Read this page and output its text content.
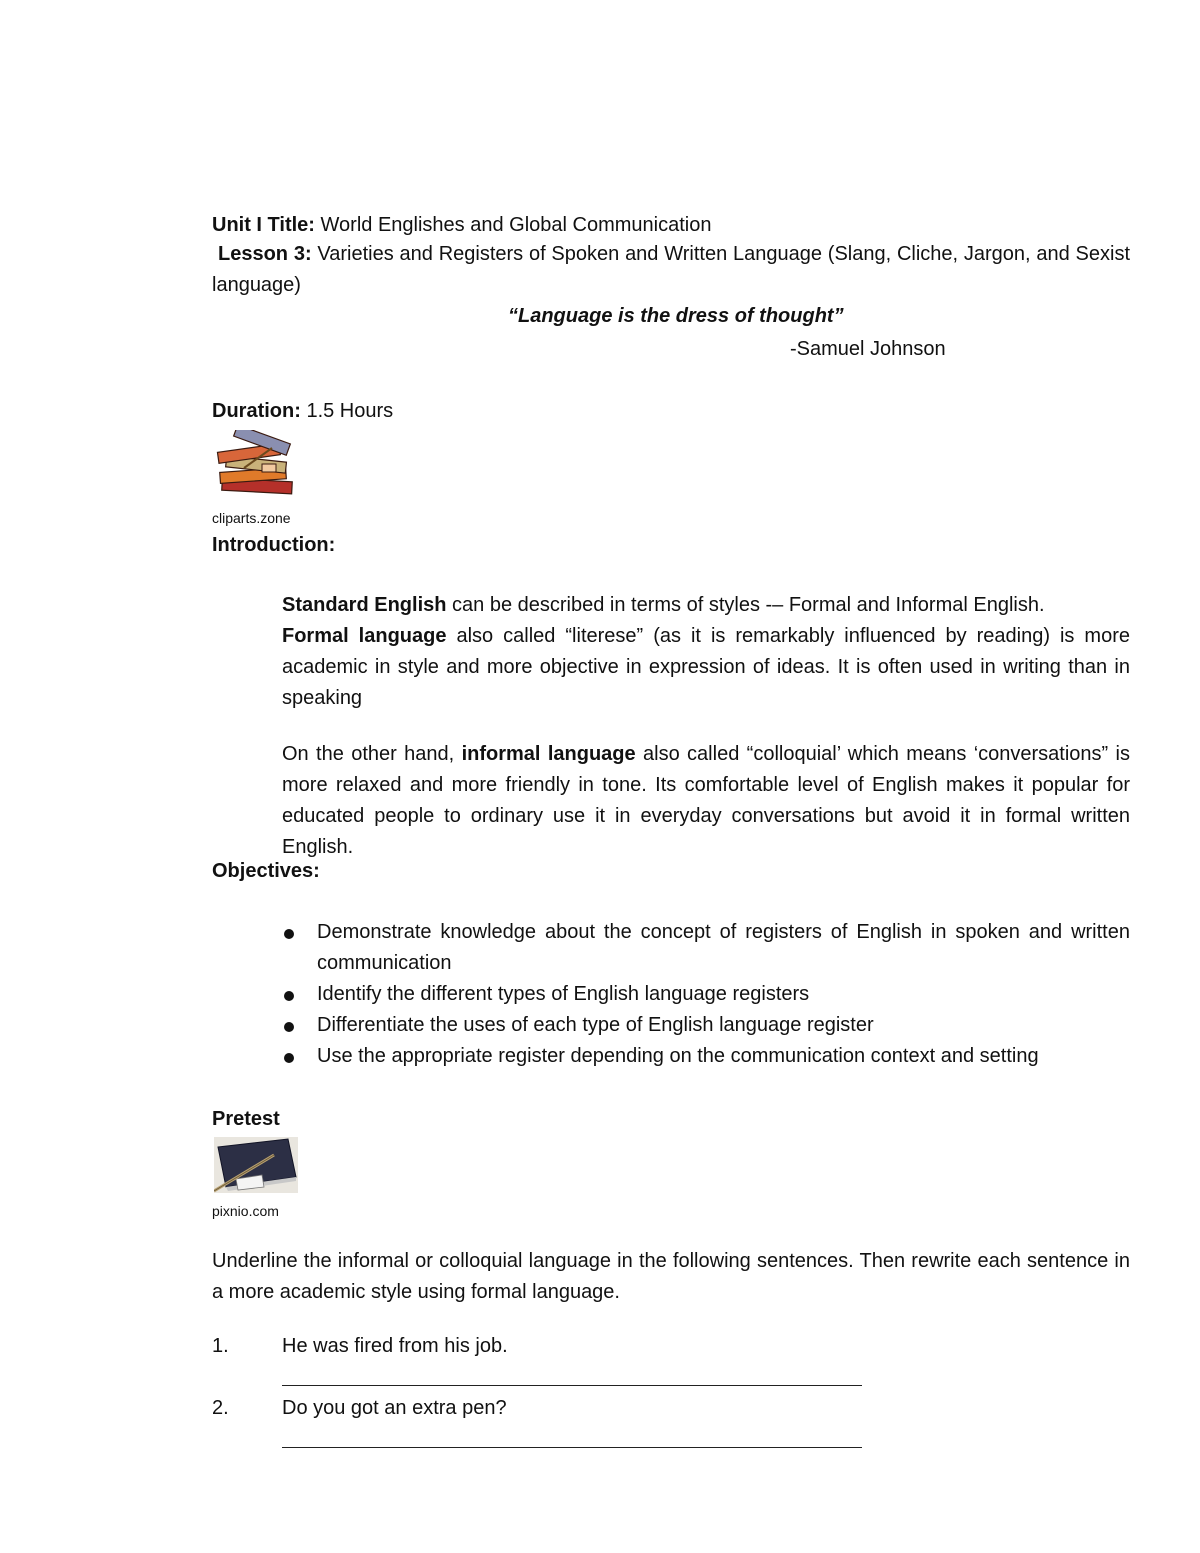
Unit I Title: World Englishes and Global Communication
Lesson 3: Varieties and Registers of Spoken and Written Language (Slang, Cliche, Jargon, and Sexist language)
“Language is the dress of thought”
-Samuel Johnson
Duration: 1.5 Hours
cliparts.zone
Introduction:
Standard English can be described in terms of styles -– Formal and Informal English.
Formal language also called “literese” (as it is remarkably influenced by reading) is more academic in style and more objective in expression of ideas. It is often used in writing than in speaking
On the other hand, informal language also called “colloquial’ which means ‘conversations” is more relaxed and more friendly in tone. Its comfortable level of English makes it popular for educated people to ordinary use it in everyday conversations but avoid it in formal written English.
Objectives:
Demonstrate knowledge about the concept of registers of English in spoken and written communication
Identify the different types of English language registers
Differentiate the uses of each type of English language register
Use the appropriate register depending on the communication context and setting
Pretest
pixnio.com
Underline the informal or colloquial language in the following sentences. Then rewrite each sentence in a more academic style using formal language.
1.	He was fired from his job.
2.	Do you got an extra pen?
